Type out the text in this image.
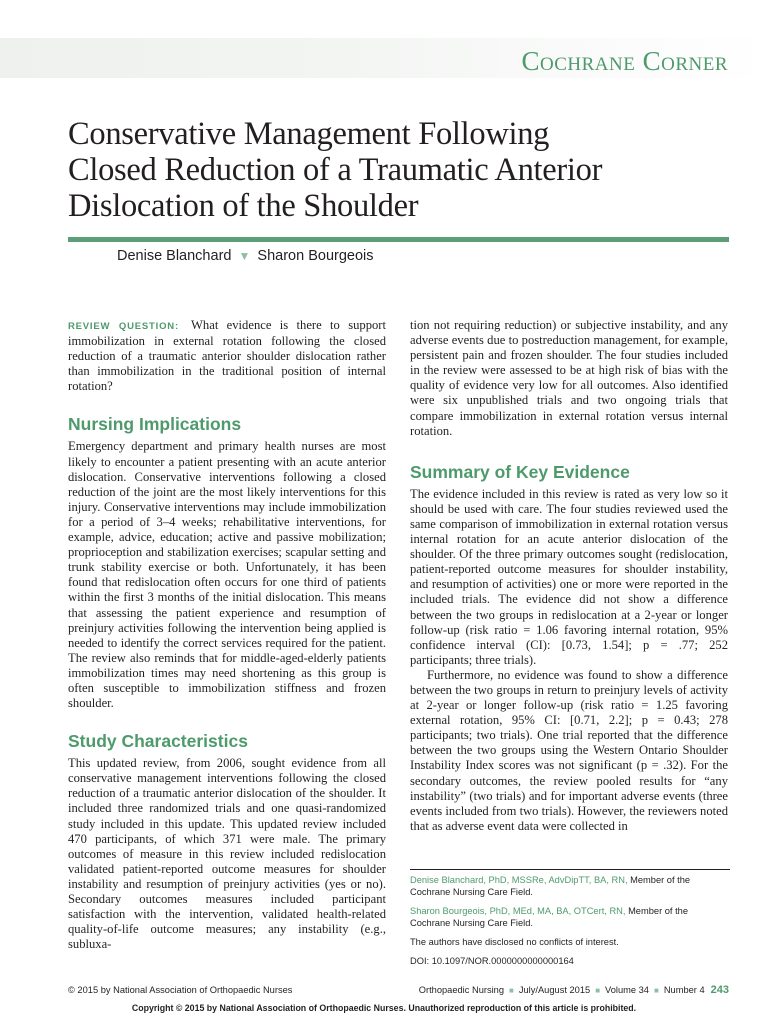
Cochrane Corner
Conservative Management Following
Closed Reduction of a Traumatic Anterior
Dislocation of the Shoulder
Denise Blanchard ▼ Sharon Bourgeois

REVIEW QUESTION: What evidence is there to support immobilization in external rotation following the closed reduction of a traumatic anterior shoulder dislocation rather than immobilization in the traditional position of internal rotation?

Nursing Implications

Emergency department and primary health nurses are most likely to encounter a patient presenting with an acute anterior dislocation. Conservative interventions following a closed reduction of the joint are the most likely interventions for this injury. Conservative interventions may include immobilization for a period of 3–4 weeks; rehabilitative interventions, for example, advice, education; active and passive mobilization; proprioception and stabilization exercises; scapular setting and trunk stability exercise or both. Unfortunately, it has been found that redislocation often occurs for one third of patients within the first 3 months of the initial dislocation. This means that assessing the patient experience and resumption of preinjury activities following the intervention being applied is needed to identify the correct services required for the patient. The review also reminds that for middle-aged-elderly patients immobilization times may need shortening as this group is often susceptible to immobilization stiffness and frozen shoulder.

Study Characteristics

This updated review, from 2006, sought evidence from all conservative management interventions following the closed reduction of a traumatic anterior dislocation of the shoulder. It included three randomized trials and one quasi-randomized study included in this update. This updated review included 470 participants, of which 371 were male. The primary outcomes of measure in this review included redislocation validated patient-reported outcome measures for shoulder instability and resumption of preinjury activities (yes or no). Secondary outcomes measures included participant satisfaction with the intervention, validated health-related quality-of-life outcome measures; any instability (e.g., subluxa-

tion not requiring reduction) or subjective instability, and any adverse events due to postreduction management, for example, persistent pain and frozen shoulder. The four studies included in the review were assessed to be at high risk of bias with the quality of evidence very low for all outcomes. Also identified were six unpublished trials and two ongoing trials that compare immobilization in external rotation versus internal rotation.

Summary of Key Evidence

The evidence included in this review is rated as very low so it should be used with care. The four studies reviewed used the same comparison of immobilization in external rotation versus internal rotation for an acute anterior dislocation of the shoulder. Of the three primary outcomes sought (redislocation, patient-reported outcome measures for shoulder instability, and resumption of activities) one or more were reported in the included trials. The evidence did not show a difference between the two groups in redislocation at a 2-year or longer follow-up (risk ratio = 1.06 favoring internal rotation, 95% confidence interval (CI): [0.73, 1.54]; p = .77; 252 participants; three trials).

Furthermore, no evidence was found to show a difference between the two groups in return to preinjury levels of activity at 2-year or longer follow-up (risk ratio = 1.25 favoring external rotation, 95% CI: [0.71, 2.2]; p = 0.43; 278 participants; two trials). One trial reported that the difference between the two groups using the Western Ontario Shoulder Instability Index scores was not significant (p = .32). For the secondary outcomes, the review pooled results for “any instability” (two trials) and for important adverse events (three events included from two trials). However, the reviewers noted that as adverse event data were collected in

Denise Blanchard, PhD, MSSRe, AdvDipTT, BA, RN, Member of the Cochrane Nursing Care Field.

Sharon Bourgeois, PhD, MEd, MA, BA, OTCert, RN, Member of the Cochrane Nursing Care Field.

The authors have disclosed no conflicts of interest.

DOI: 10.1097/NOR.0000000000000164

© 2015 by National Association of Orthopaedic Nurses	Orthopaedic Nursing ■ July/August 2015 ■ Volume 34 ■ Number 4 243
Copyright © 2015 by National Association of Orthopaedic Nurses. Unauthorized reproduction of this article is prohibited.
